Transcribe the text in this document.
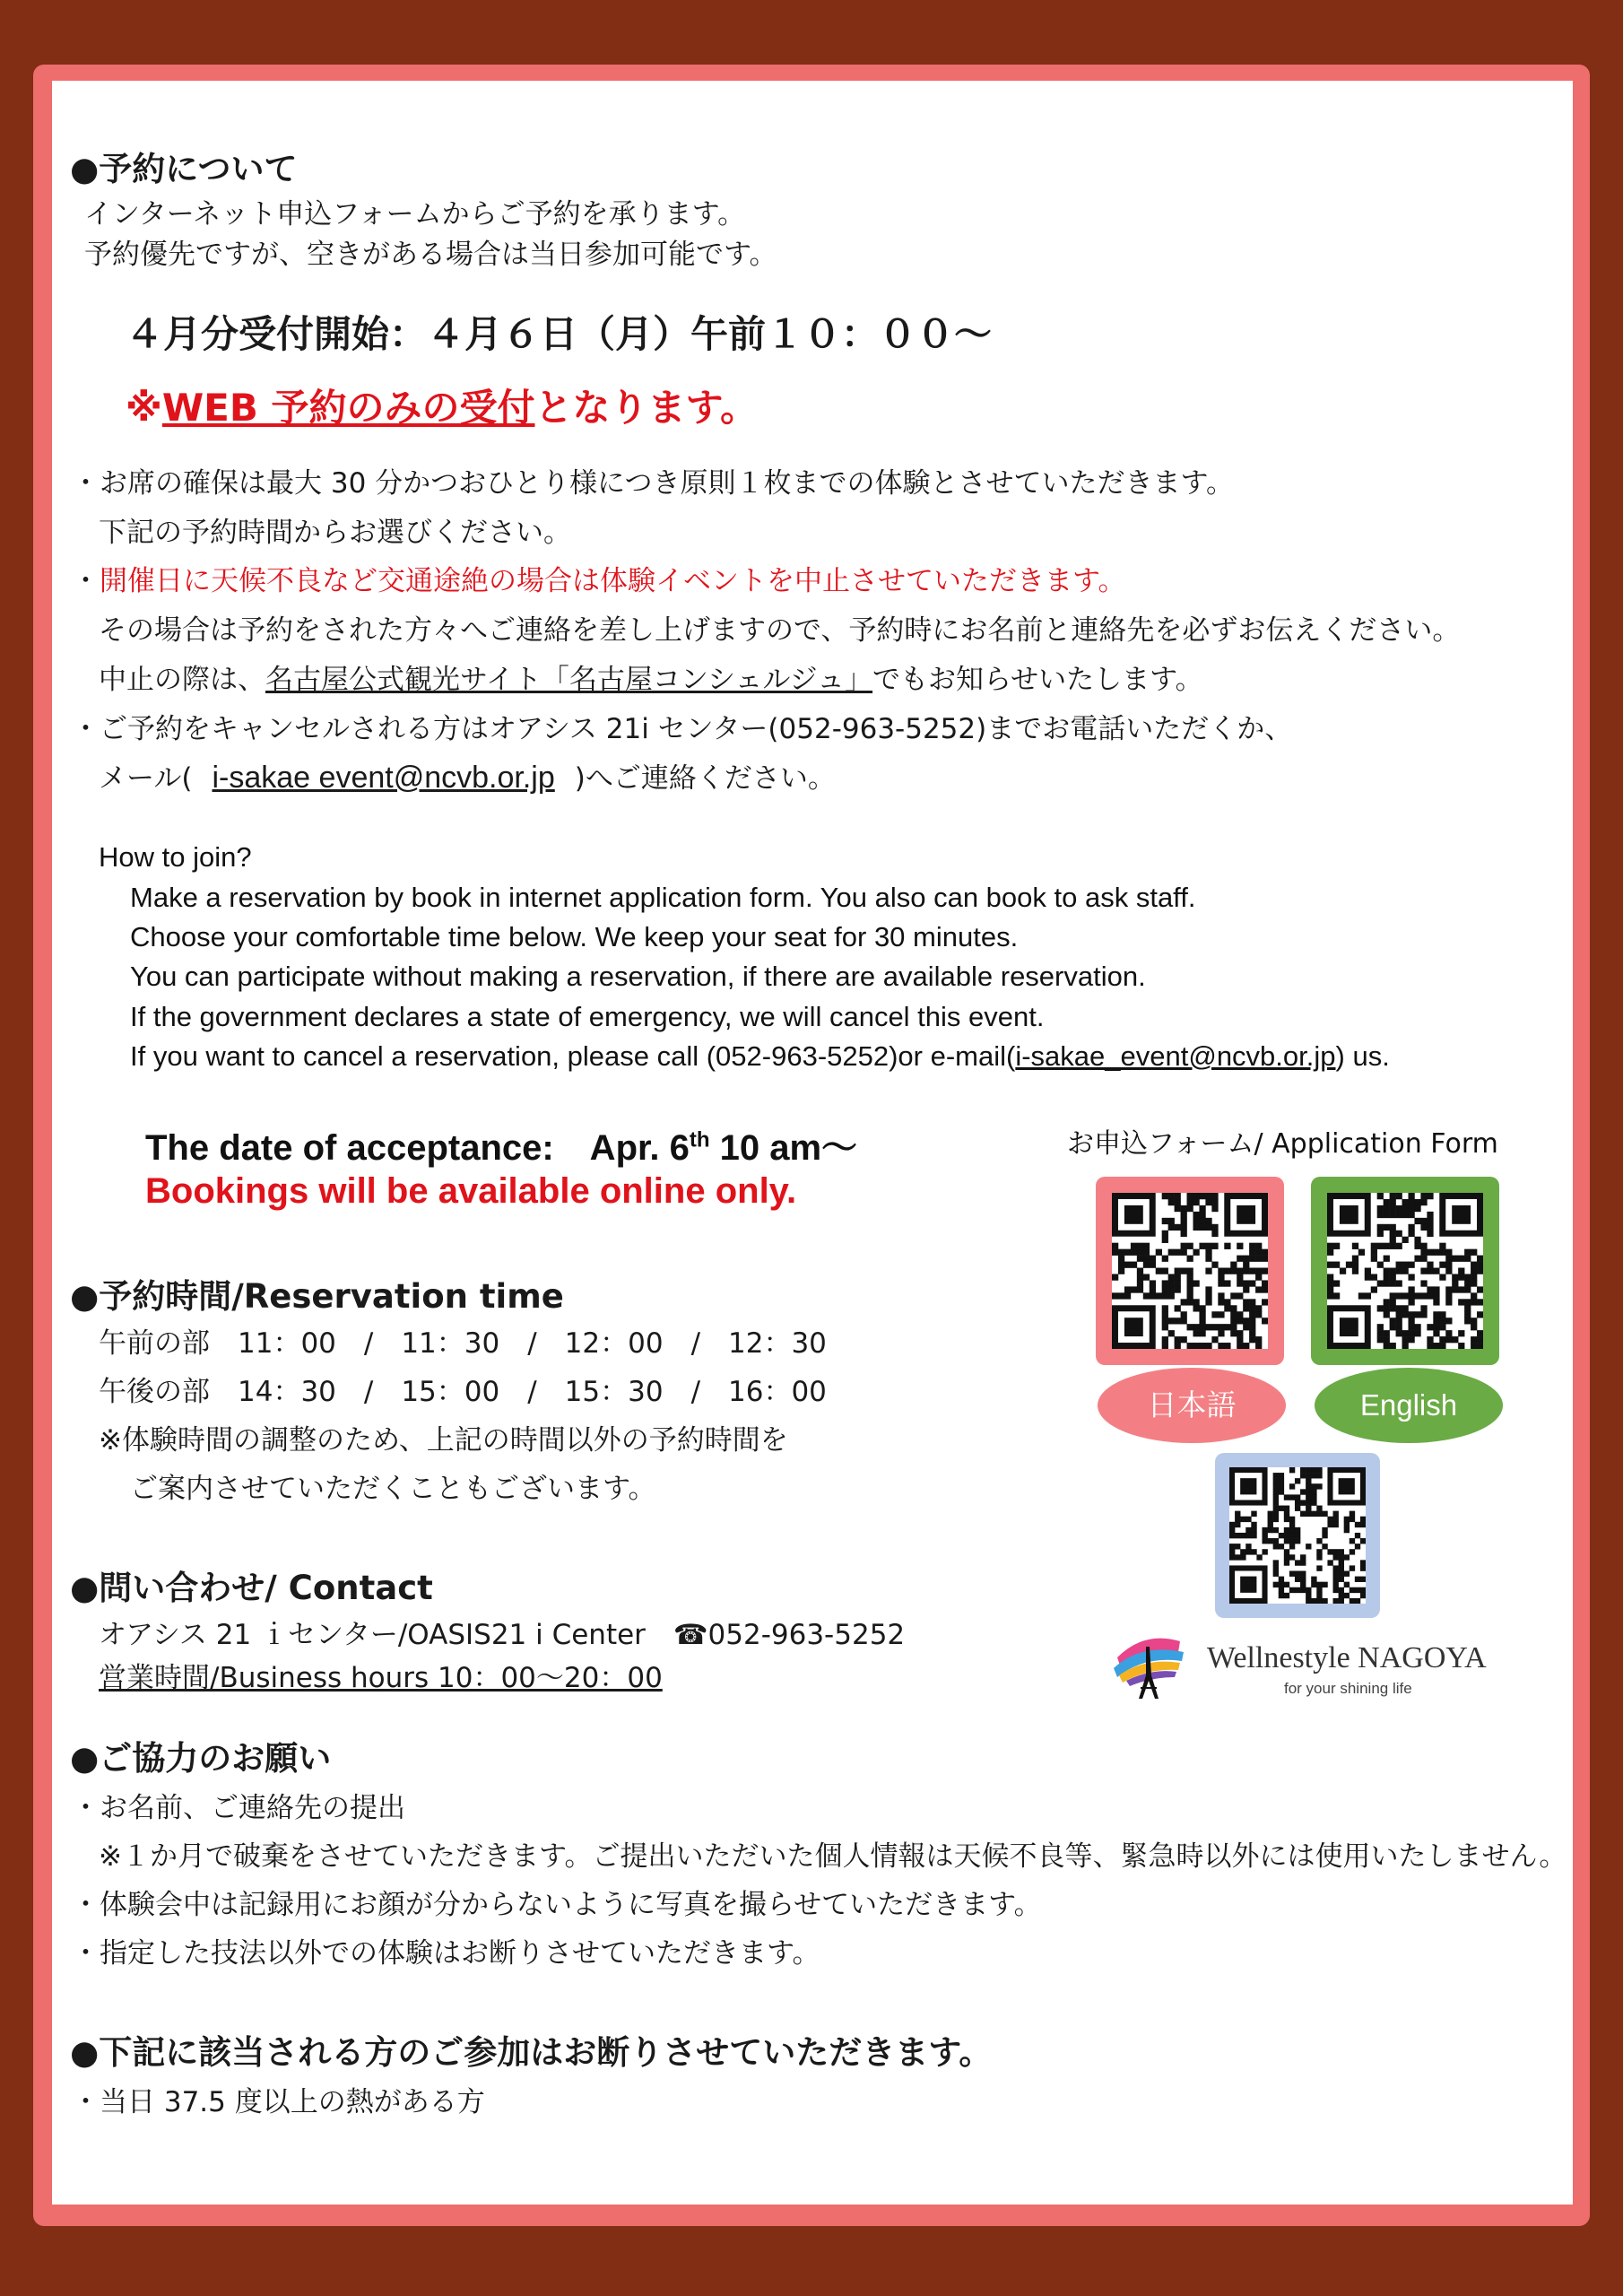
●予約について
インターネット申込フォームからご予約を承ります。
予約優先ですが、空きがある場合は当日参加可能です。
４月分受付開始：４月６日（月）午前１０：００～
※WEB 予約のみの受付となります。
・お席の確保は最大 30 分かつおひとり様につき原則１枚までの体験とさせていただきます。
下記の予約時間からお選びください。
・開催日に天候不良など交通途絶の場合は体験イベントを中止させていただきます。
その場合は予約をされた方々へご連絡を差し上げますので、予約時にお名前と連絡先を必ずお伝えください。
中止の際は、名古屋公式観光サイト「名古屋コンシェルジュ」でもお知らせいたします。
・ご予約をキャンセルされる方はオアシス 21i センター(052-963-5252)までお電話いただくか、
メール( i-sakae event@ncvb.or.jp )へご連絡ください。
How to join?
Make a reservation by book in internet application form. You also can book to ask staff.
Choose your comfortable time below. We keep your seat for 30 minutes.
You can participate without making a reservation, if there are available reservation.
If the government declares a state of emergency, we will cancel this event.
If you want to cancel a reservation, please call (052-963-5252)or e-mail(i-sakae_event@ncvb.or.jp) us.
The date of acceptance:　Apr. 6th 10 am～
Bookings will be available online only.
●予約時間/Reservation time
午前の部　11：00　/　11：30　/　12：00　/　12：30
午後の部　14：30　/　15：00　/　15：30　/　16：00
※体験時間の調整のため、上記の時間以外の予約時間を
ご案内させていただくこともございます。
●問い合わせ/ Contact
オアシス 21 ｉセンター/OASIS21 i Center　☎052-963-5252
営業時間/Business hours 10：00～20：00
●ご協力のお願い
・お名前、ご連絡先の提出
※１か月で破棄をさせていただきます。ご提出いただいた個人情報は天候不良等、緊急時以外には使用いたしません。
・体験会中は記録用にお顔が分からないように写真を撮らせていただきます。
・指定した技法以外での体験はお断りさせていただきます。
●下記に該当される方のご参加はお断りさせていただきます。
・当日 37.5 度以上の熱がある方
お申込フォーム/ Application Form
日本語	English
Wellnestyle NAGOYA
for your shining life
